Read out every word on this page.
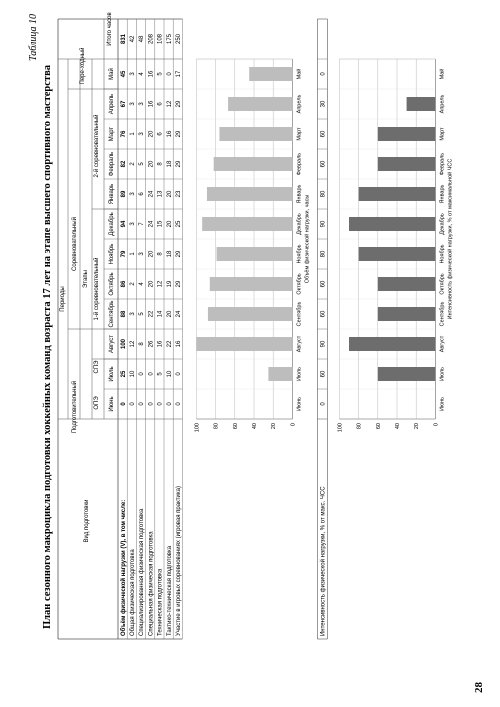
28
Таблица 10
План сезонного макроцикла подготовки хоккейных команд возраста 17 лет на этапе высшего спортивного мастерства	Вид подготовки
Периоды
Подготовительный
Соревновательный
Пере-ходный
Этапы
ОПЭ
СПЭ
1-й соревновательный
2-й соревновательный
Итого часов
Июнь
Июль
Август
Сентябрь
Октябрь
Ноябрь
Декабрь
Январь
Февраль
Март
Апрель
Май
Объём физической нагрузки (V), в том числе:
0
25
100
88
86
79
94
89
82
76
67
45
831
Общая физическая подготовка
0
10
12
3
2
1
3
3
2
1
3
3
42
Специализированная физическая подготовка
0
0
8
5
4
3
7
6
5
3
3
4
48
Специальная физическая подготовка
0
0
26
22
20
20
24
24
20
20
16
16
208
Техническая подготовка
0
5
16
14
12
8
15
13
8
6
6
5
108
Тактико-техническая подготовка
0
10
22
20
19
18
20
20
18
16
12
0
175
Участие в игровых соревнованиях (игровая практика)
0
0
16
24
29
29
25
23
29
29
29
17
250
Интенсивность физической нагрузки, % от макс. ЧСС
0
60
90
60
60
80
90
80
60
60
30
0
100 80 60 40 20 0
Июнь
Июль
Август
Сентябрь
Октябрь
Ноябрь
Декабрь
Январь
Февраль
Март
Апрель
Май
Объём физической нагрузки, часы
100 80 60 40 20 0
Июнь
Июль
Август
Сентябрь
Октябрь
Ноябрь
Декабрь
Январь
Февраль
Март
Апрель
Май
Интенсивность физической нагрузки, % от максимальной ЧСС
